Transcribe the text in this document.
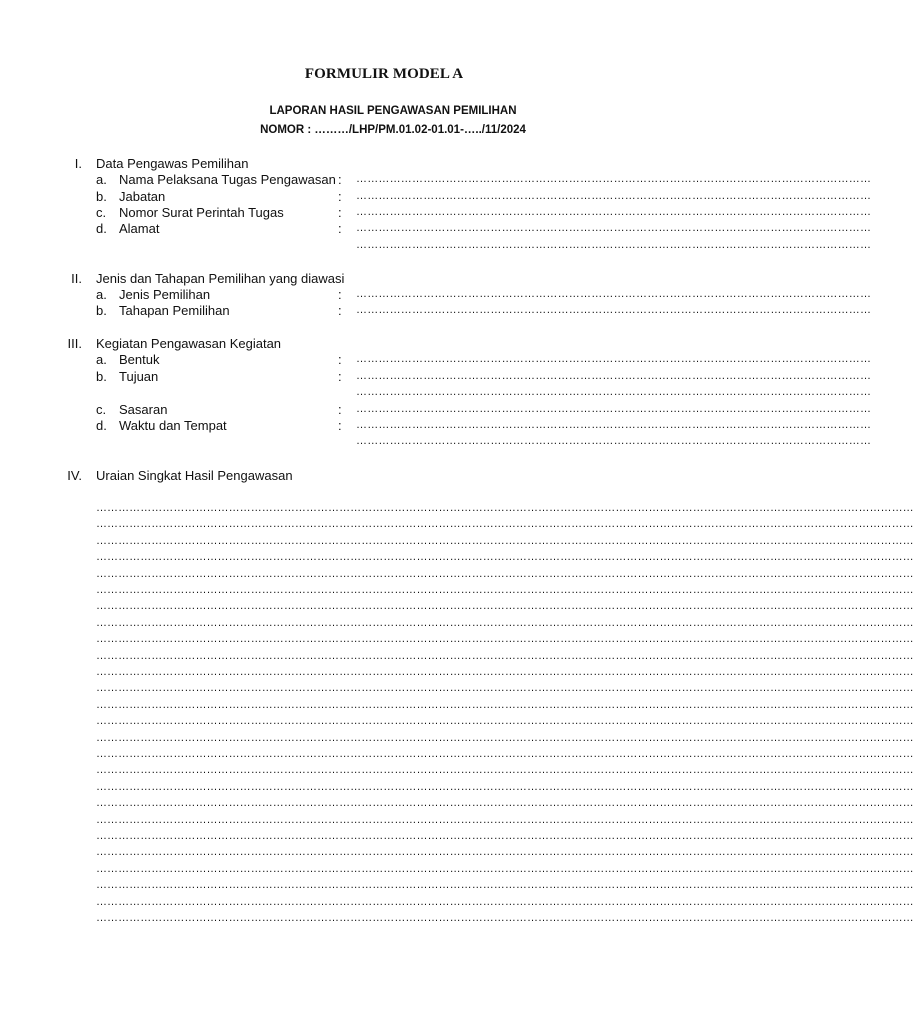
FORMULIR MODEL A
LAPORAN HASIL PENGAWASAN PEMILIHAN
NOMOR : ………/LHP/PM.01.02-01.01-…../11/2024
I. Data Pengawas Pemilihan
a. Nama Pelaksana Tugas Pengawasan : …………………………………………………………………………………………………………………………
b. Jabatan	: …………………………………………………………………………………………………………………………
c. Nomor Surat Perintah Tugas	: …………………………………………………………………………………………………………………………
d. Alamat	: …………………………………………………………………………………………………………………………
…………………………………………………………………………………………………………………………
II. Jenis dan Tahapan Pemilihan yang diawasi
a. Jenis Pemilihan	: …………………………………………………………………………………………………………………………
b. Tahapan Pemilihan	: …………………………………………………………………………………………………………………………
III. Kegiatan Pengawasan Kegiatan
a. Bentuk	: …………………………………………………………………………………………………………………………
b. Tujuan	: …………………………………………………………………………………………………………………………
…………………………………………………………………………………………………………………………
c. Sasaran	: …………………………………………………………………………………………………………………………
d. Waktu dan Tempat	: …………………………………………………………………………………………………………………………
…………………………………………………………………………………………………………………………
IV. Uraian Singkat Hasil Pengawasan
……………………………………………………………………………………………………………………………………………………………………………………………………
……………………………………………………………………………………………………………………………………………………………………………………………………
……………………………………………………………………………………………………………………………………………………………………………………………………
……………………………………………………………………………………………………………………………………………………………………………………………………
……………………………………………………………………………………………………………………………………………………………………………………………………
……………………………………………………………………………………………………………………………………………………………………………………………………
……………………………………………………………………………………………………………………………………………………………………………………………………
……………………………………………………………………………………………………………………………………………………………………………………………………
……………………………………………………………………………………………………………………………………………………………………………………………………
……………………………………………………………………………………………………………………………………………………………………………………………………
……………………………………………………………………………………………………………………………………………………………………………………………………
……………………………………………………………………………………………………………………………………………………………………………………………………
……………………………………………………………………………………………………………………………………………………………………………………………………
……………………………………………………………………………………………………………………………………………………………………………………………………
……………………………………………………………………………………………………………………………………………………………………………………………………
……………………………………………………………………………………………………………………………………………………………………………………………………
……………………………………………………………………………………………………………………………………………………………………………………………………
……………………………………………………………………………………………………………………………………………………………………………………………………
……………………………………………………………………………………………………………………………………………………………………………………………………
……………………………………………………………………………………………………………………………………………………………………………………………………
……………………………………………………………………………………………………………………………………………………………………………………………………
……………………………………………………………………………………………………………………………………………………………………………………………………
……………………………………………………………………………………………………………………………………………………………………………………………………
……………………………………………………………………………………………………………………………………………………………………………………………………
……………………………………………………………………………………………………………………………………………………………………………………………………
……………………………………………………………………………………………………………………………………………………………………………………………………
